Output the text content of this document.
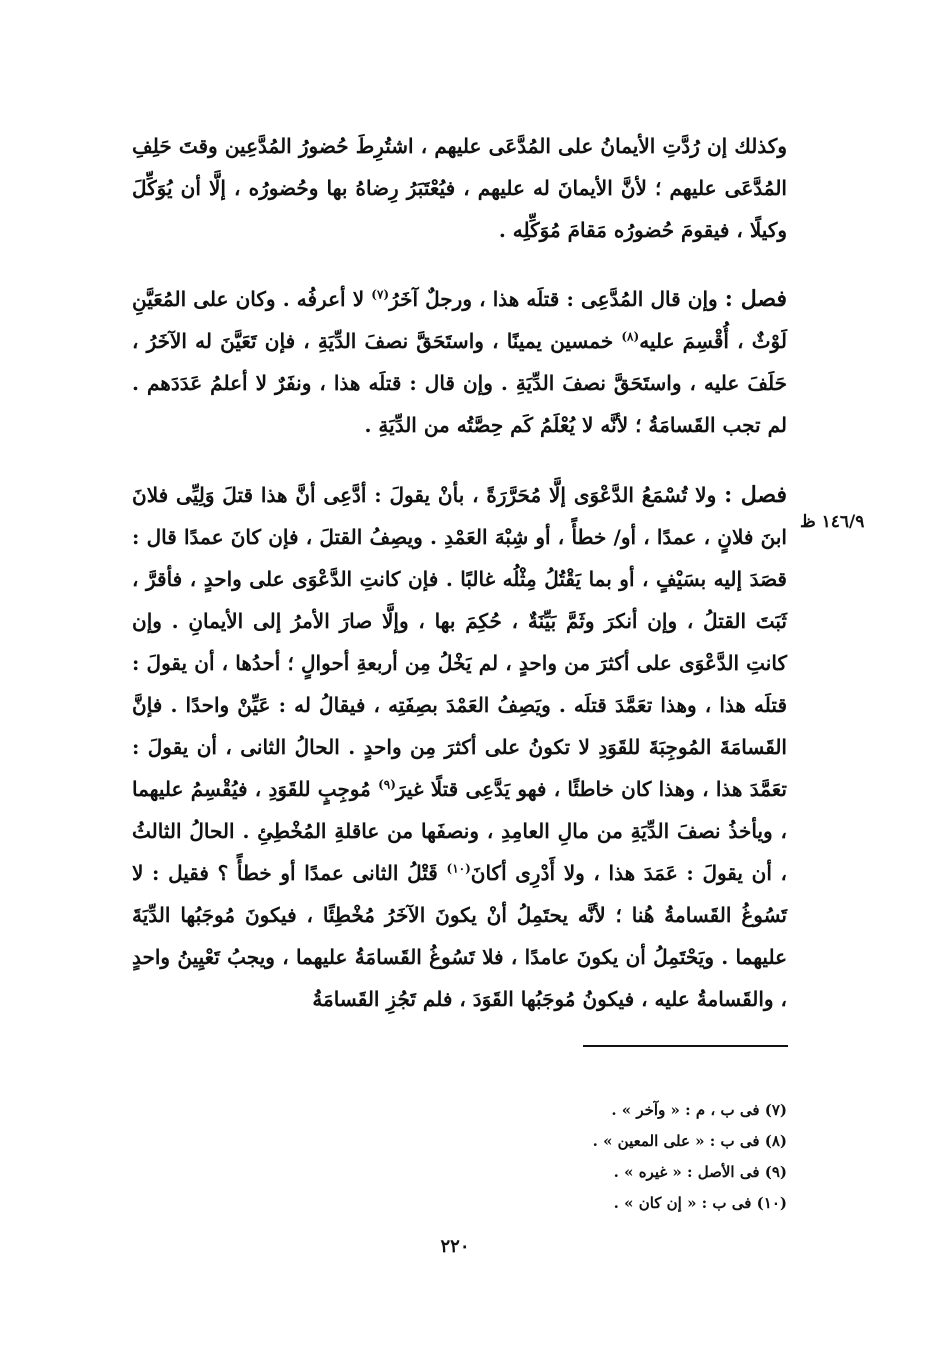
وكذلك إن رُدَّتِ الأيمانُ على المُدَّعَى عليهم ، اشتُرِطَ حُضورُ المُدَّعِين وقتَ حَلِفِ المُدَّعَى عليهم ؛ لأنَّ الأيمانَ له عليهم ، فيُعْتَبَرُ رِضاهُ بها وحُضورُه ، إلَّا أن يُوَكِّلَ وكيلًا ، فيقومَ حُضورُه مَقامَ مُوَكِّلِه .
فصل : وإن قال المُدَّعِى : قتلَه هذا ، ورجلٌ آخَرُ$^{(٧)}$ لا أعرفُه . وكان على المُعَيَّنِ لَوْثٌ ، أُقْسِمَ عليه$^{(٨)}$ خمسين يمينًا ، واستَحَقَّ نصفَ الدِّيَةِ ، فإن تَعَيَّنَ له الآخَرُ ، حَلَفَ عليه ، واستَحَقَّ نصفَ الدِّيَةِ . وإن قال : قتلَه هذا ، ونفَرٌ لا أعلمُ عَدَدَهم . لم تجب القَسامَةُ ؛ لأنَّه لا يُعْلَمُ كَم حِصَّتُه من الدِّيَةِ .
فصل : ولا تُسْمَعُ الدَّعْوَى إلَّا مُحَرَّرَةً ، بأنْ يقولَ : أدَّعِى أنَّ هذا قتلَ وَلِيِّى فلانَ ابنَ فلانٍ ، عمدًا ، أو/ خطأً ، أو شِبْهَ العَمْدِ . ويصِفُ القتلَ ، فإن كانَ عمدًا قال : قصَدَ إليه بسَيْفٍ ، أو بما يَقْتُلُ مِثْلُه غالبًا . فإن كانتِ الدَّعْوَى على واحدٍ ، فأقرَّ ، ثَبَتَ القتلُ ، وإن أنكرَ وثَمَّ بَيِّنَةٌ ، حُكِمَ بها ، وإلَّا صارَ الأمرُ إلى الأيمانِ . وإن كانتِ الدَّعْوَى على أكثرَ من واحدٍ ، لم يَخْلُ مِن أربعةِ أحوالٍ ؛ أحدُها ، أن يقولَ : قتلَه هذا ، وهذا تعَمَّدَ قتلَه . ويَصِفُ العَمْدَ بصِفَتِه ، فيقالُ له : عَيِّنْ واحدًا . فإنَّ القَسامَةَ المُوجِبَةَ للقَوَدِ لا تكونُ على أكثرَ مِن واحدٍ . الحالُ الثانى ، أن يقولَ : تعَمَّدَ هذا ، وهذا كان خاطئًا ، فهو يَدَّعِى قتلًا غيرَ$^{(٩)}$ مُوجِبٍ للقَوَدِ ، فيُقْسِمُ عليهما ، ويأخذُ نصفَ الدِّيَةِ من مالِ العامِدِ ، ونصفَها من عاقلةِ المُخْطِئِ . الحالُ الثالثُ ، أن يقولَ : عَمَدَ هذا ، ولا أَدْرِى أكانَ$^{(١٠)}$ قَتْلُ الثانى عمدًا أو خطأً ؟ فقيل : لا تَسُوغُ القَسامةُ هُنا ؛ لأنَّه يحتَمِلُ أنْ يكونَ الآخَرُ مُخْطِئًا ، فيكونَ مُوجَبُها الدِّيَةَ عليهما . ويَحْتَمِلُ أن يكونَ عامدًا ، فلا تَسُوغُ القَسامَةُ عليهما ، ويجبُ تَعْيِينُ واحدٍ ، والقَسامةُ عليه ، فيكونُ مُوجَبُها القَوَدَ ، فلم تَجُزِ القَسامَةُ
١٤٦/٩ ظ
(٧) فى ب ، م : « وآخر » .
(٨) فى ب : « على المعين » .
(٩) فى الأصل : « غيره » .
(١٠) فى ب : « إن كان » .
٢٢٠
